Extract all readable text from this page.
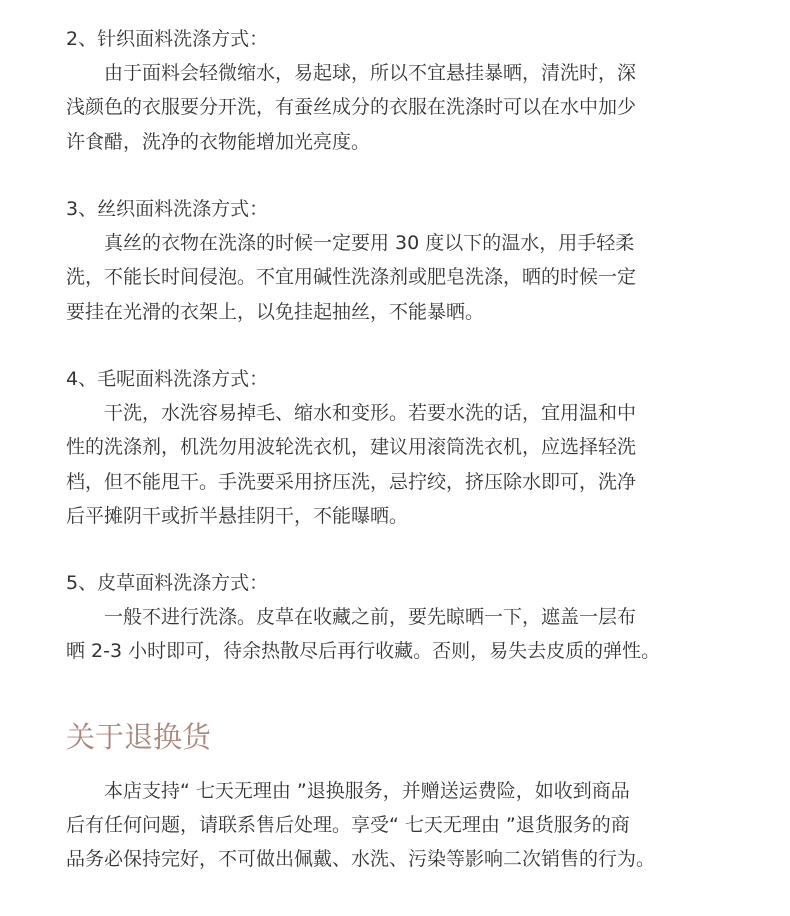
2、针织面料洗涤方式：
由于面料会轻微缩水，易起球，所以不宜悬挂暴晒，清洗时，深
浅颜色的衣服要分开洗，有蚕丝成分的衣服在洗涤时可以在水中加少
许食醋，洗净的衣物能增加光亮度。
3、丝织面料洗涤方式：
真丝的衣物在洗涤的时候一定要用 30 度以下的温水，用手轻柔
洗，不能长时间侵泡。不宜用碱性洗涤剂或肥皂洗涤，晒的时候一定
要挂在光滑的衣架上，以免挂起抽丝，不能暴晒。
4、毛呢面料洗涤方式：
干洗，水洗容易掉毛、缩水和变形。若要水洗的话，宜用温和中
性的洗涤剂，机洗勿用波轮洗衣机，建议用滚筒洗衣机，应选择轻洗
档，但不能甩干。手洗要采用挤压洗，忌拧绞，挤压除水即可，洗净
后平摊阴干或折半悬挂阴干，不能曝晒。
5、皮草面料洗涤方式：
一般不进行洗涤。皮草在收藏之前，要先晾晒一下，遮盖一层布
晒 2-3 小时即可，待余热散尽后再行收藏。否则，易失去皮质的弹性。
关于退换货
本店支持“ 七天无理由 ”退换服务，并赠送运费险，如收到商品
后有任何问题，请联系售后处理。享受“ 七天无理由 ”退货服务的商
品务必保持完好，不可做出佩戴、水洗、污染等影响二次销售的行为。
